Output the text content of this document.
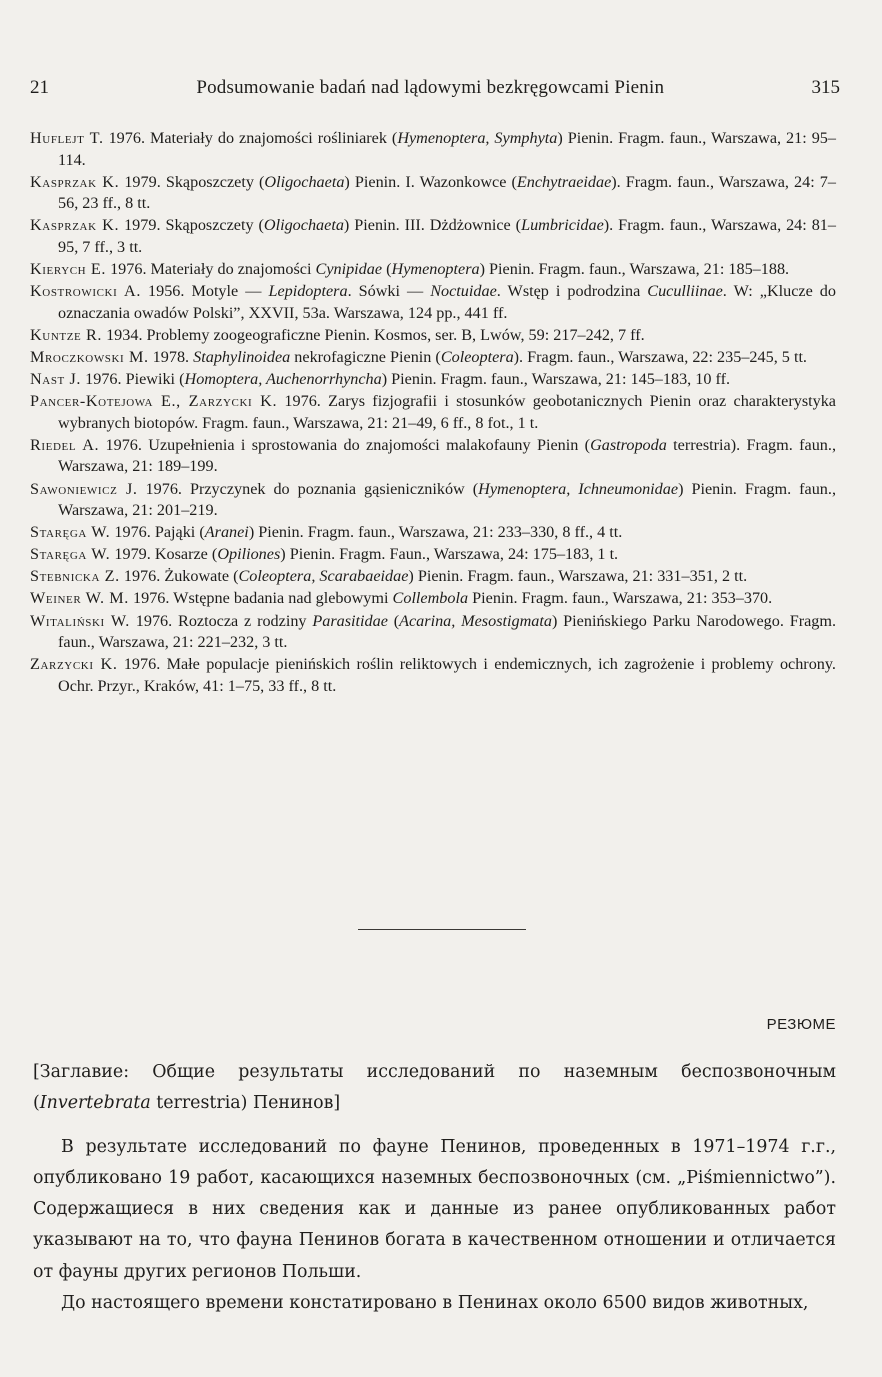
21	Podsumowanie badań nad lądowymi bezkręgowcami Pienin	315

Huflejt T. 1976. Materiały do znajomości rośliniarek (Hymenoptera, Symphyta) Pienin. Fragm. faun., Warszawa, 21: 95–114.

Kasprzak K. 1979. Skąposzczety (Oligochaeta) Pienin. I. Wazonkowce (Enchytraeidae). Fragm. faun., Warszawa, 24: 7–56, 23 ff., 8 tt.

Kasprzak K. 1979. Skąposzczety (Oligochaeta) Pienin. III. Dżdżownice (Lumbricidae). Fragm. faun., Warszawa, 24: 81–95, 7 ff., 3 tt.

Kierych E. 1976. Materiały do znajomości Cynipidae (Hymenoptera) Pienin. Fragm. faun., Warszawa, 21: 185–188.

Kostrowicki A. 1956. Motyle — Lepidoptera. Sówki — Noctuidae. Wstęp i podrodzina Cuculliinae. W: „Klucze do oznaczania owadów Polski”, XXVII, 53a. Warszawa, 124 pp., 441 ff.

Kuntze R. 1934. Problemy zoogeograficzne Pienin. Kosmos, ser. B, Lwów, 59: 217–242, 7 ff.

Mroczkowski M. 1978. Staphylinoidea nekrofagiczne Pienin (Coleoptera). Fragm. faun., Warszawa, 22: 235–245, 5 tt.

Nast J. 1976. Piewiki (Homoptera, Auchenorrhyncha) Pienin. Fragm. faun., Warszawa, 21: 145–183, 10 ff.

Pancer-Kotejowa E., Zarzycki K. 1976. Zarys fizjografii i stosunków geobotanicznych Pienin oraz charakterystyka wybranych biotopów. Fragm. faun., Warszawa, 21: 21–49, 6 ff., 8 fot., 1 t.

Riedel A. 1976. Uzupełnienia i sprostowania do znajomości malakofauny Pienin (Gastropoda terrestria). Fragm. faun., Warszawa, 21: 189–199.

Sawoniewicz J. 1976. Przyczynek do poznania gąsieniczników (Hymenoptera, Ichneumonidae) Pienin. Fragm. faun., Warszawa, 21: 201–219.

Staręga W. 1976. Pająki (Aranei) Pienin. Fragm. faun., Warszawa, 21: 233–330, 8 ff., 4 tt.

Staręga W. 1979. Kosarze (Opiliones) Pienin. Fragm. Faun., Warszawa, 24: 175–183, 1 t.

Stebnicka Z. 1976. Żukowate (Coleoptera, Scarabaeidae) Pienin. Fragm. faun., Warszawa, 21: 331–351, 2 tt.

Weiner W. M. 1976. Wstępne badania nad glebowymi Collembola Pienin. Fragm. faun., Warszawa, 21: 353–370.

Witaliński W. 1976. Roztocza z rodziny Parasitidae (Acarina, Mesostigmata) Pienińskiego Parku Narodowego. Fragm. faun., Warszawa, 21: 221–232, 3 tt.

Zarzycki K. 1976. Małe populacje pienińskich roślin reliktowych i endemicznych, ich zagrożenie i problemy ochrony. Ochr. Przyr., Kraków, 41: 1–75, 33 ff., 8 tt.

РЕЗЮМЕ

[Заглавие: Общие результаты исследований по наземным беспозвоночным (Invertebrata terrestria) Пенинов]

В результате исследований по фауне Пенинов, проведенных в 1971–1974 г.г., опубликовано 19 работ, касающихся наземных беспозвоночных (см. „Piśmiennictwo”). Содержащиеся в них сведения как и данные из ранее опубликованных работ указывают на то, что фауна Пенинов богата в качественном отношении и отличается от фауны других регионов Польши.

До настоящего времени констатировано в Пенинах около 6500 видов животных,
